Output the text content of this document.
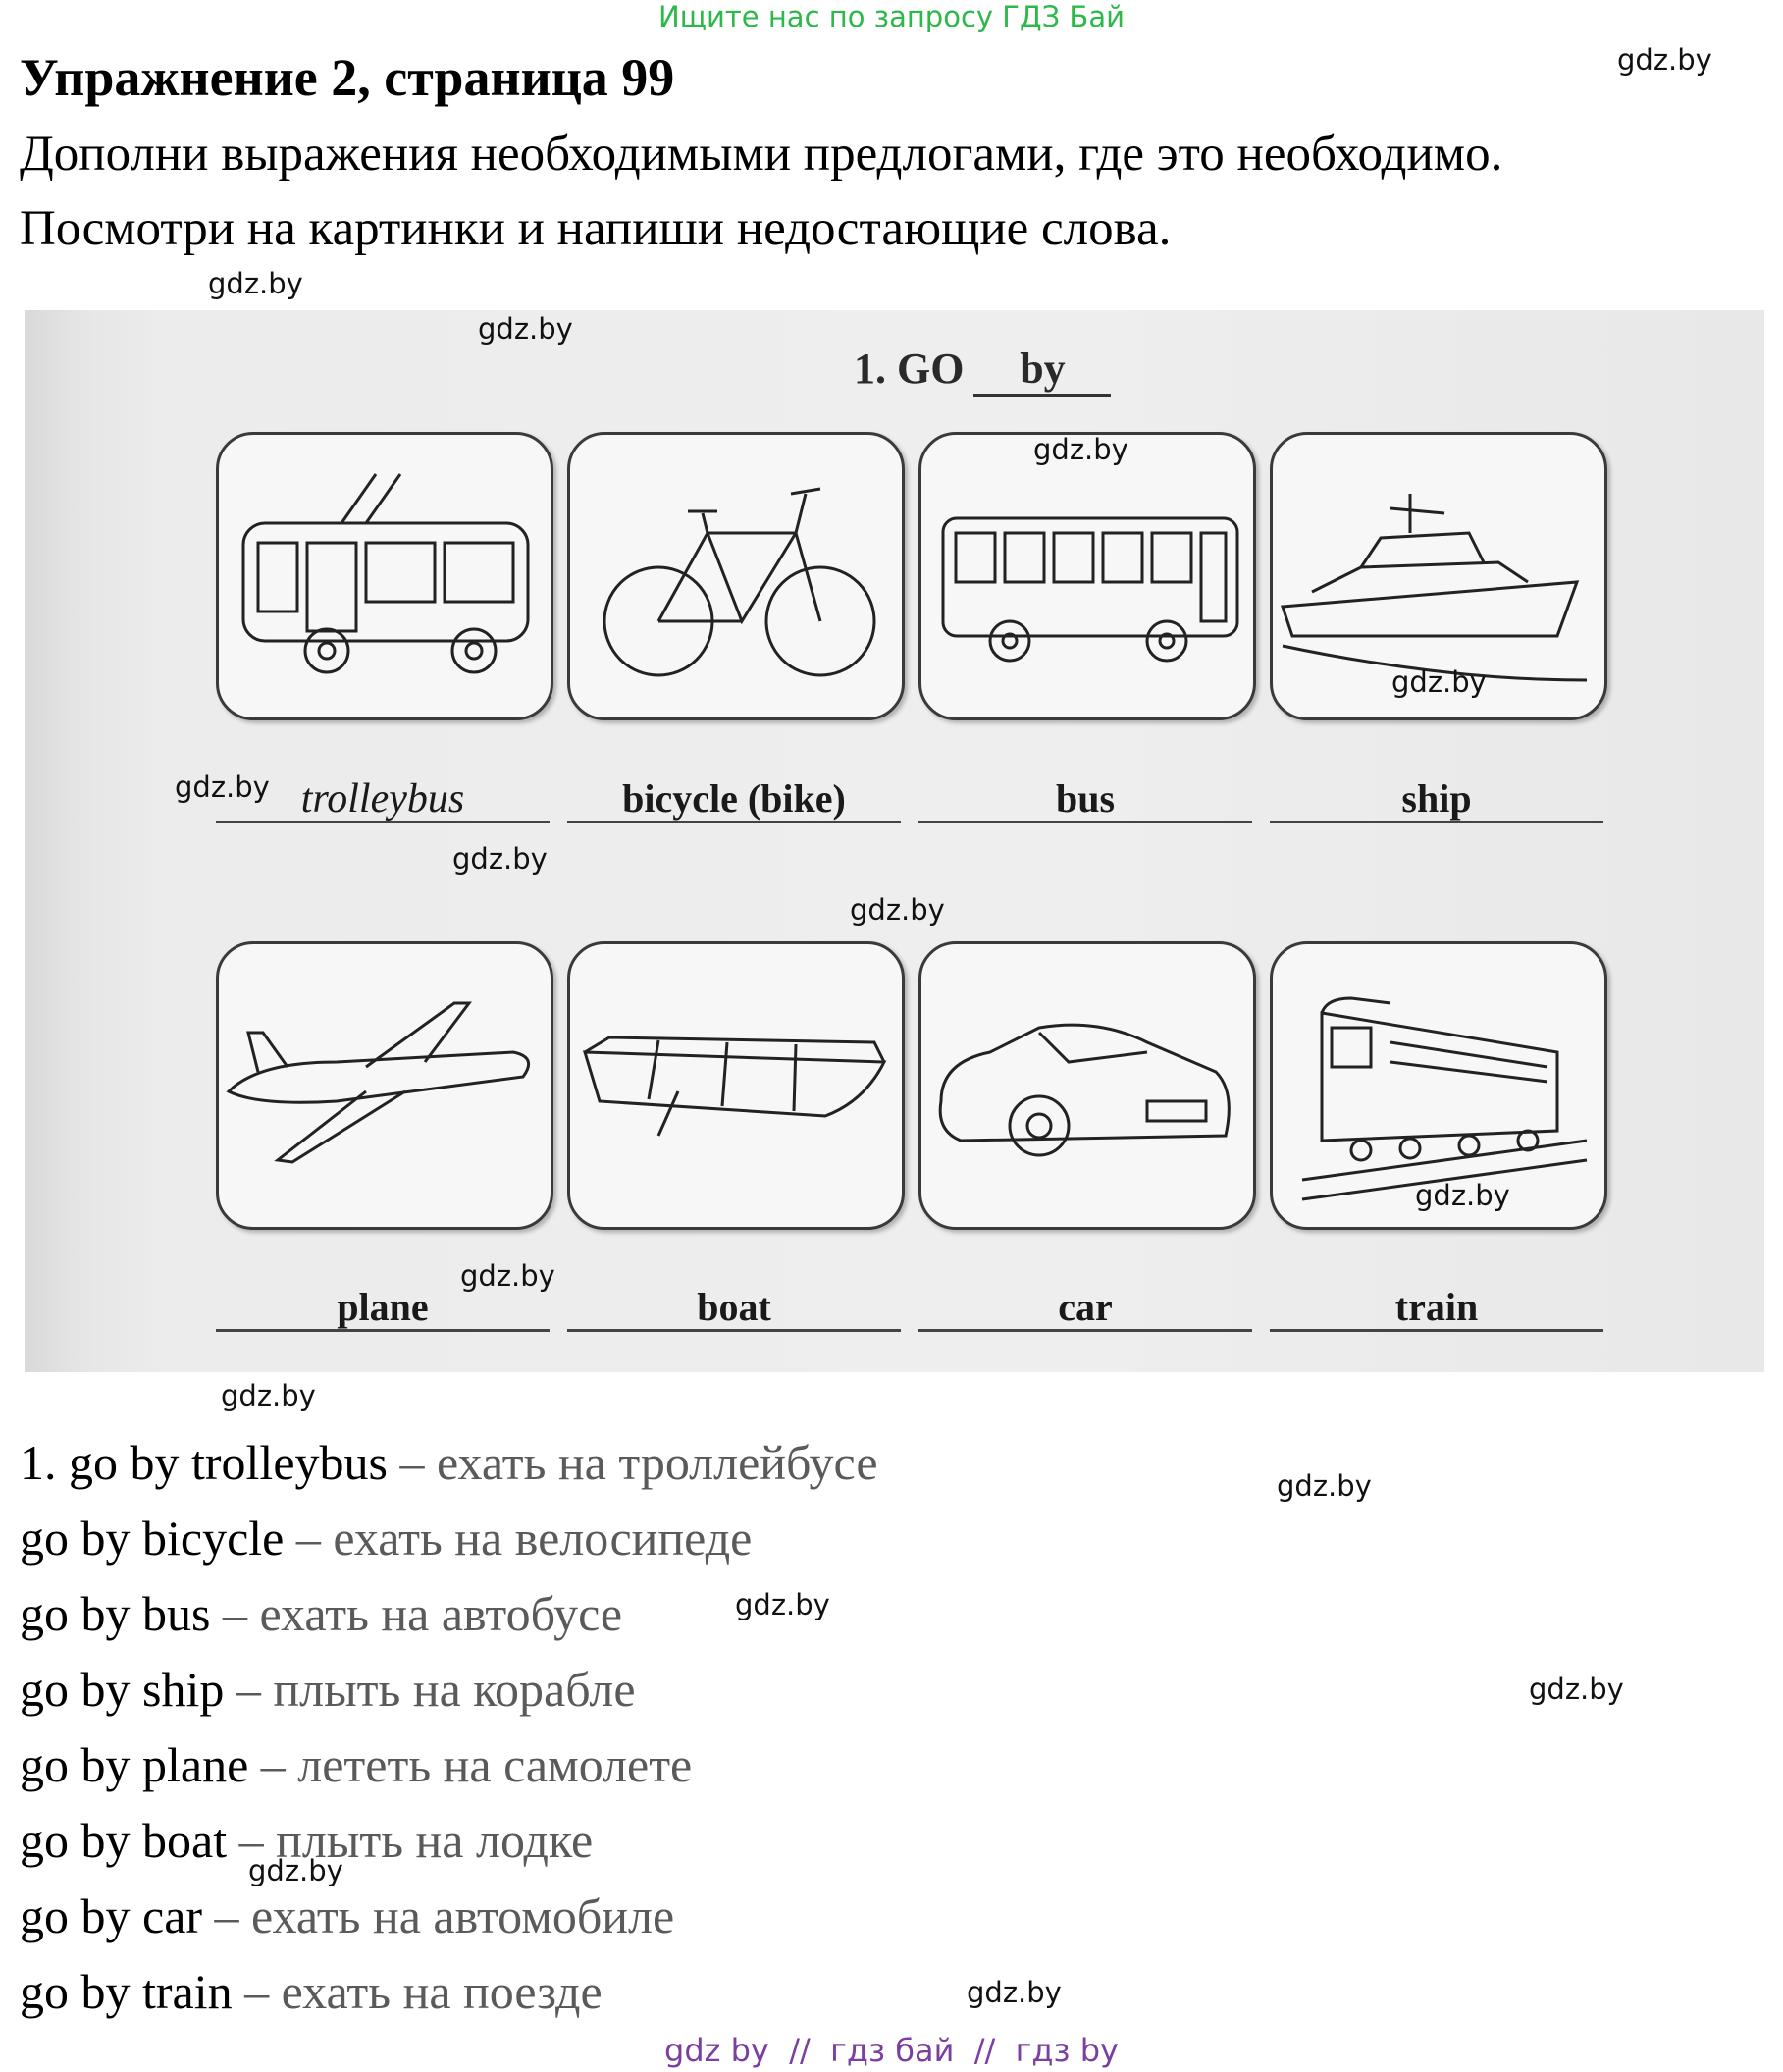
Ищите нас по запросу ГДЗ Бай
Упражнение 2, страница 99
Дополни выражения необходимыми предлогами, где это необходимо.
Посмотри на картинки и напиши недостающие слова.
1. GO by
trolleybus	bicycle (bike)	bus	ship
plane	boat	car	train
gdz.by
gdz.by
gdz.by
gdz.by
gdz.by
gdz.by
gdz.by
gdz.by
gdz.by
gdz.by
gdz.by
gdz.by
gdz.by
gdz.by
gdz.by
gdz.by
1. go by trolleybus – ехать на троллейбусе
go by bicycle – ехать на велосипеде
go by bus – ехать на автобусе
go by ship – плыть на корабле
go by plane – лететь на самолете
go by boat – плыть на лодке
go by car – ехать на автомобиле
go by train – ехать на поезде
gdz by  //  гдз бай  //  гдз by
